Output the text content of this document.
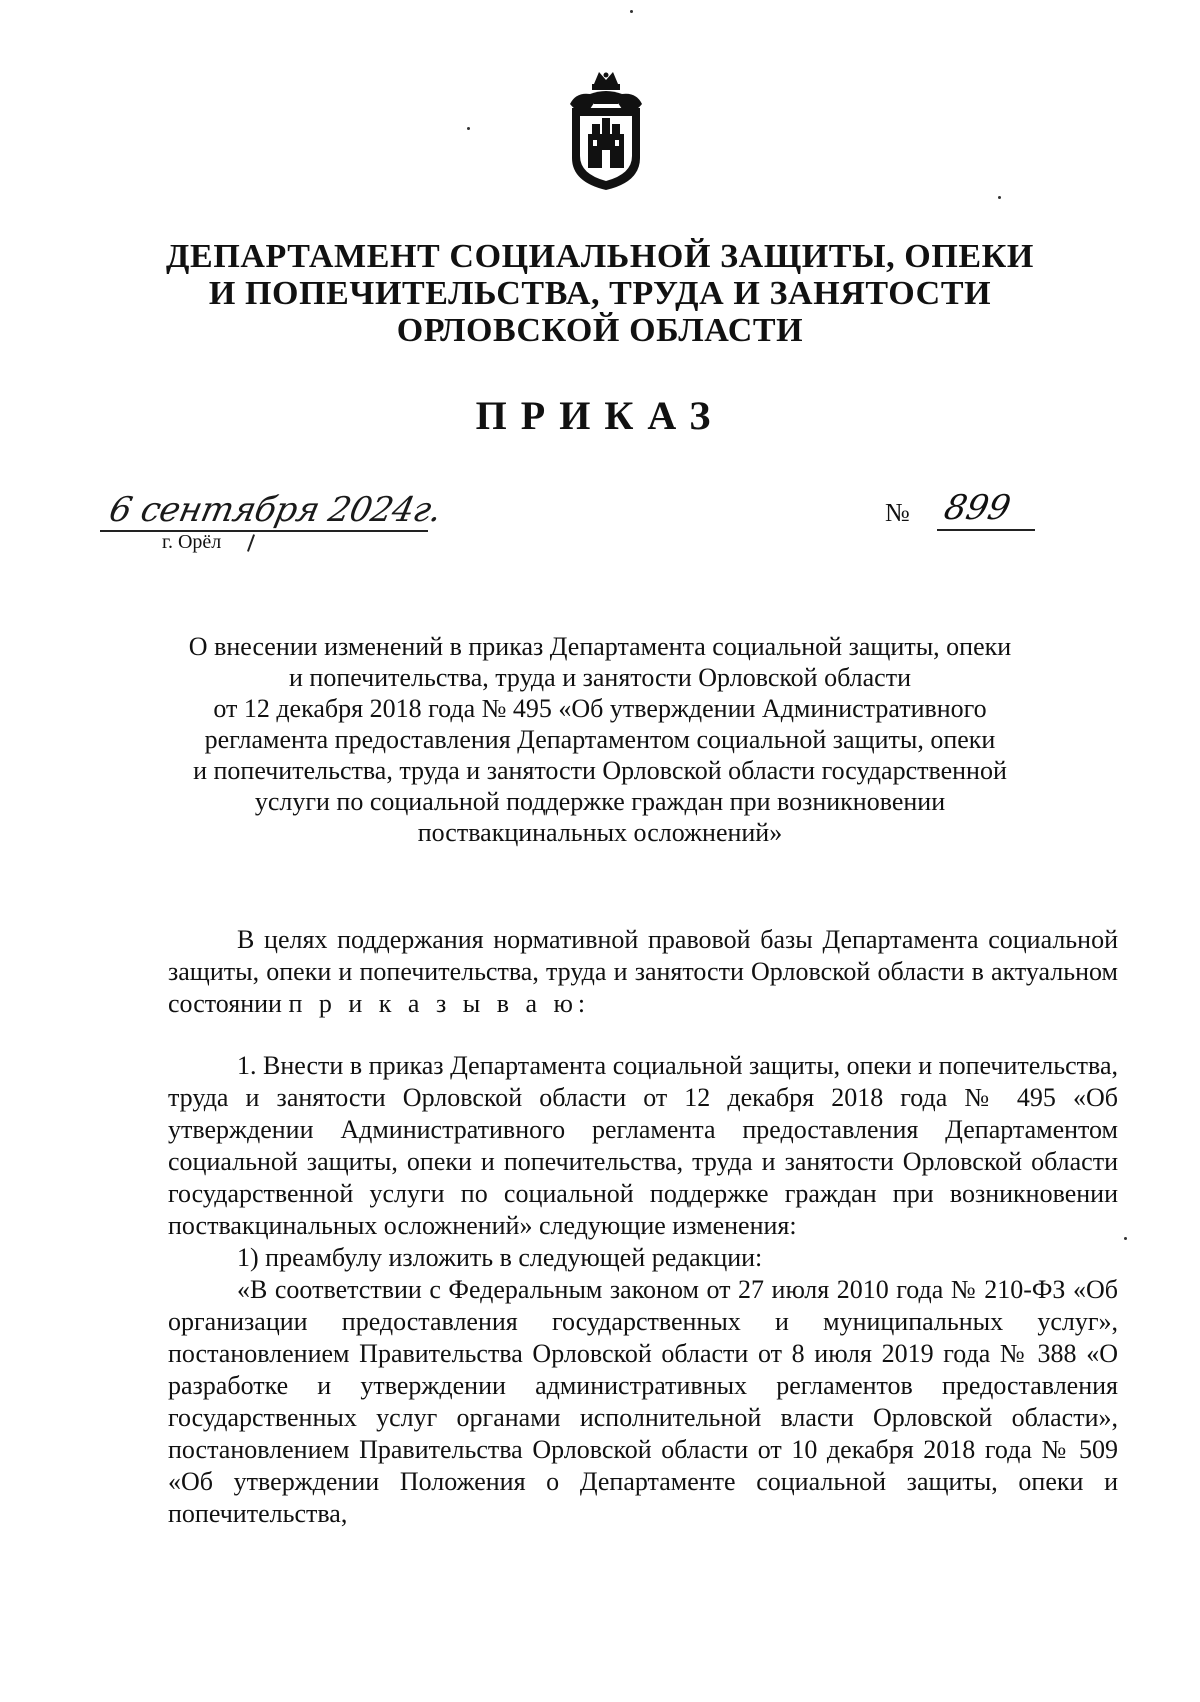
ДЕПАРТАМЕНТ СОЦИАЛЬНОЙ ЗАЩИТЫ, ОПЕКИ
И ПОПЕЧИТЕЛЬСТВА, ТРУДА И ЗАНЯТОСТИ
ОРЛОВСКОЙ ОБЛАСТИ
ПРИКАЗ
6 сентября 2024г.
г. Орёл
№ 899
О внесении изменений в приказ Департамента социальной защиты, опеки
и попечительства, труда и занятости Орловской области
от 12 декабря 2018 года № 495 «Об утверждении Административного
регламента предоставления Департаментом социальной защиты, опеки
и попечительства, труда и занятости Орловской области государственной
услуги по социальной поддержке граждан при возникновении
поствакцинальных осложнений»

В целях поддержания нормативной правовой базы Департамента социальной защиты, опеки и попечительства, труда и занятости Орловской области в актуальном состоянии п р и к а з ы в а ю:

1. Внести в приказ Департамента социальной защиты, опеки и попечительства, труда и занятости Орловской области от 12 декабря 2018 года № 495 «Об утверждении Административного регламента предоставления Департаментом социальной защиты, опеки и попечительства, труда и занятости Орловской области государственной услуги по социальной поддержке граждан при возникновении поствакцинальных осложнений» следующие изменения:

1) преамбулу изложить в следующей редакции:

«В соответствии с Федеральным законом от 27 июля 2010 года № 210-ФЗ «Об организации предоставления государственных и муниципальных услуг», постановлением Правительства Орловской области от 8 июля 2019 года № 388 «О разработке и утверждении административных регламентов предоставления государственных услуг органами исполнительной власти Орловской области», постановлением Правительства Орловской области от 10 декабря 2018 года № 509 «Об утверждении Положения о Департаменте социальной защиты, опеки и попечительства,
